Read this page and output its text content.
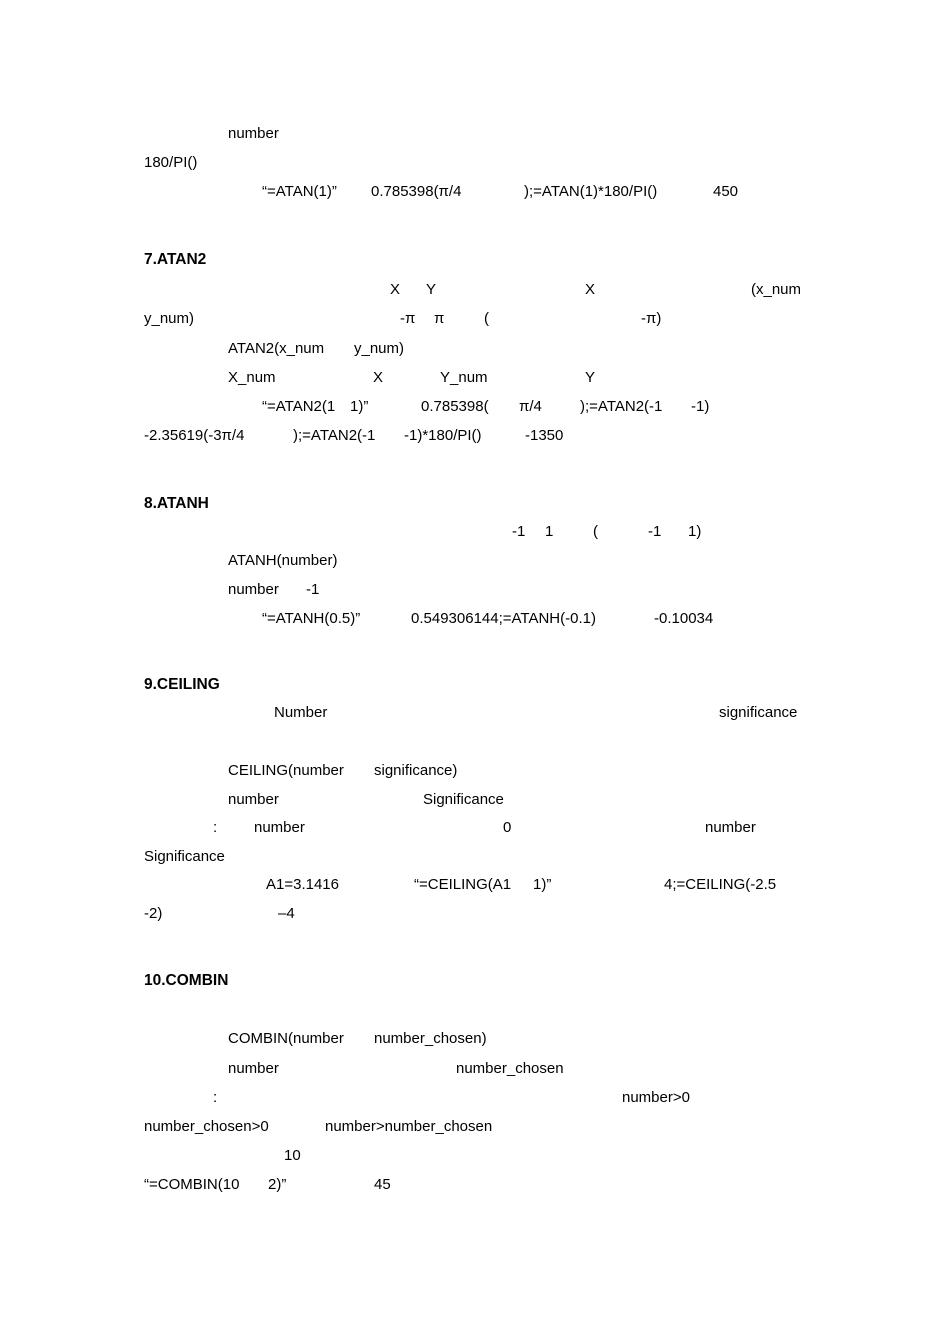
number
180/PI()
“=ATAN(1)” 0.785398(π/4	);=ATAN(1)*180/PI()	450
7.ATAN2
X Y	X	(x_num
y_num)	-π π	(	-π)
ATAN2(x_num y_num)
X_num	X	Y_num	Y
“=ATAN2(1 1)”	0.785398( π/4	);=ATAN2(-1 -1)
-2.35619(-3π/4	);=ATAN2(-1 -1)*180/PI()	-1350
8.ATANH
-1 1	(	-1 1)
ATANH(number)
number -1
“=ATANH(0.5)”	0.549306144;=ATANH(-0.1)	-0.10034
9.CEILING
Number	significance
CEILING(number significance)
number	Significance
: number	0	number
Significance
A1=3.1416	“=CEILING(A1 1)”	4;=CEILING(-2.5
-2)	–4
10.COMBIN
COMBIN(number number_chosen)
number	number_chosen
:	number>0
number_chosen>0	number>number_chosen
10
“=COMBIN(10 2)”	45
